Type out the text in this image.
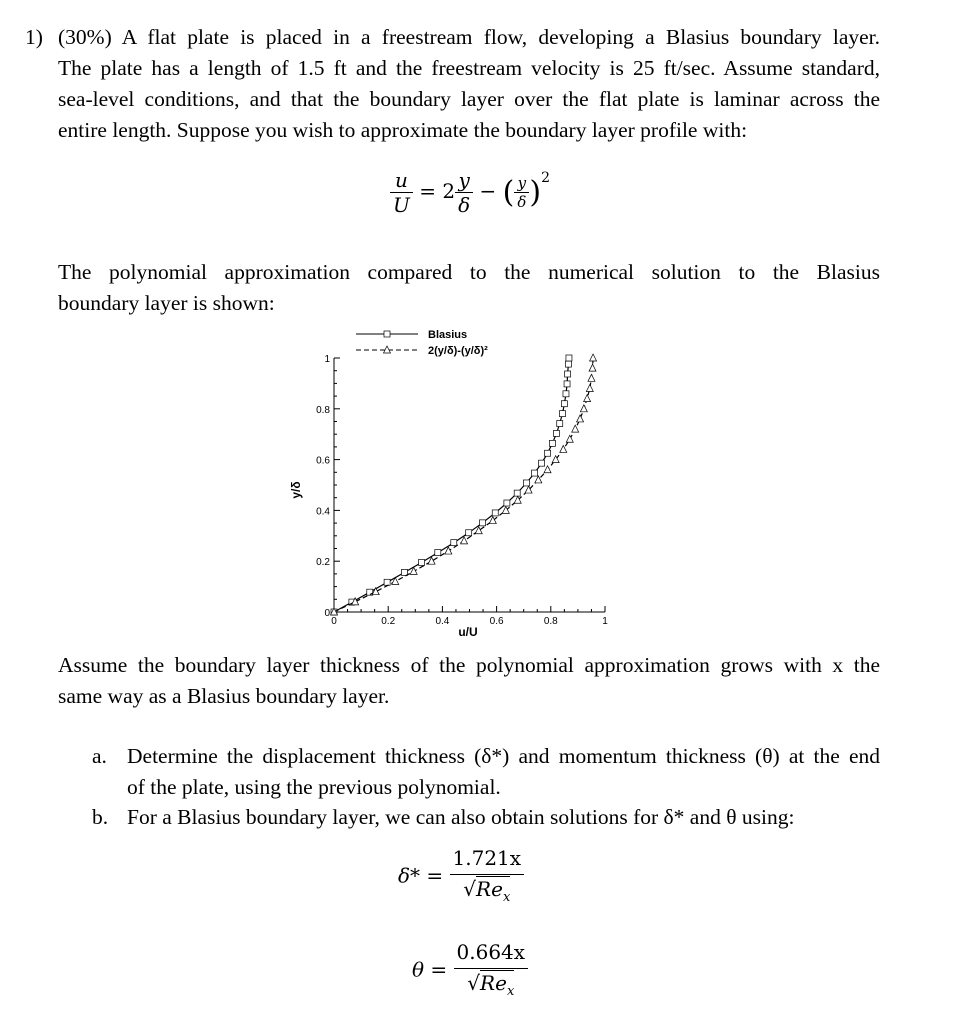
1) (30%) A flat plate is placed in a freestream flow, developing a Blasius boundary layer.
The plate has a length of 1.5 ft and the freestream velocity is 25 ft/sec. Assume standard,
sea-level conditions, and that the boundary layer over the flat plate is laminar across the
entire length. Suppose you wish to approximate the boundary layer profile with:
$\frac{u}{U} = 2 \frac{y}{\delta}$ − ( $\frac{y}{\delta} )^2$
The polynomial approximation compared to the numerical solution to the Blasius
boundary layer is shown:
0	0.2	0.4	0.6	0.8	1
0
0.2
0.4
0.6
0.8
1
Blasius
2(y/δ)-(y/δ)²
u/U
y/δ
Assume the boundary layer thickness of the polynomial approximation grows with x the
same way as a Blasius boundary layer.
a. Determine the displacement thickness (δ*) and momentum thickness (θ) at the end
of the plate, using the previous polynomial.
b. For a Blasius boundary layer, we can also obtain solutions for δ* and θ using:
$\delta* = \frac{1.721x}{√Re_x}$
$\theta = \frac{0.664x}{√Re_x}$
